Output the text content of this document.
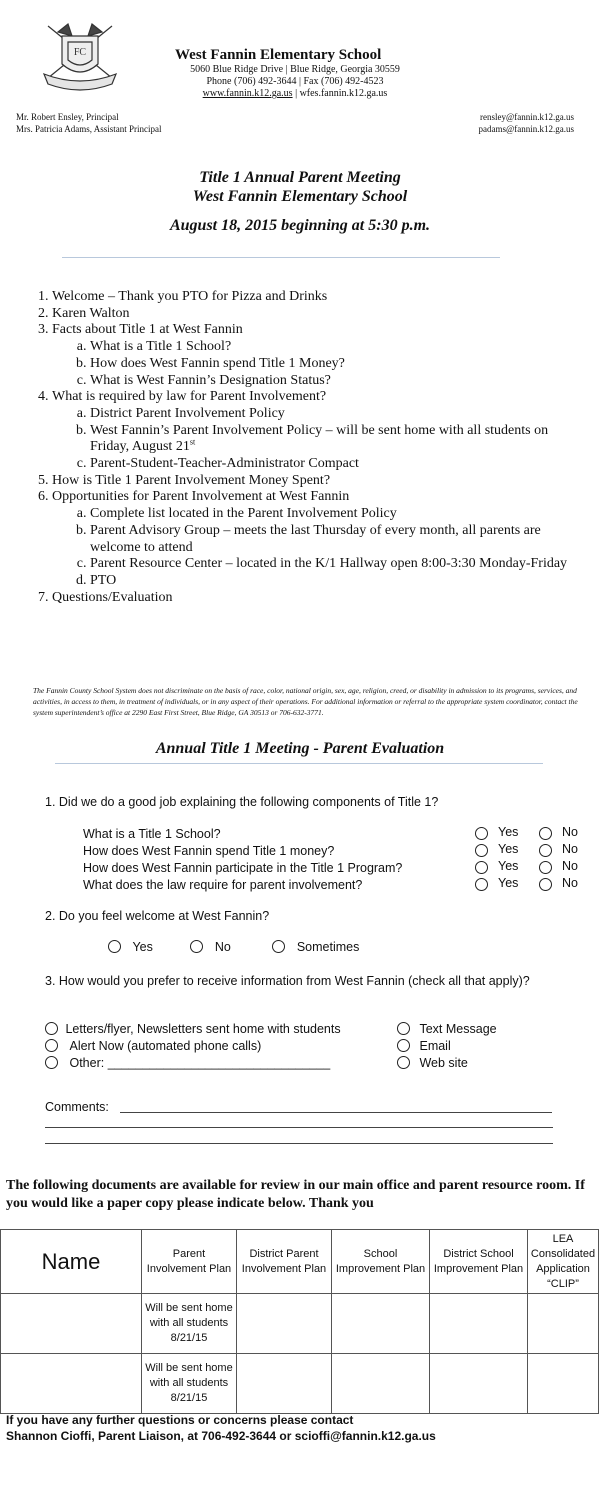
FC	West Fannin Elementary School
5060 Blue Ridge Drive | Blue Ridge, Georgia 30559
Phone (706) 492-3644 | Fax (706) 492-4523
www.fannin.k12.ga.us | wfes.fannin.k12.ga.us
Mr. Robert Ensley, Principal
Mrs. Patricia Adams, Assistant Principal
rensley@fannin.k12.ga.us
padams@fannin.k12.ga.us
Title 1 Annual Parent Meeting
West Fannin Elementary School
August 18, 2015 beginning at 5:30 p.m.
1. Welcome – Thank you PTO for Pizza and Drinks
2. Karen Walton
3. Facts about Title 1 at West Fannin
a. What is a Title 1 School?
b. How does West Fannin spend Title 1 Money?
c. What is West Fannin’s Designation Status?
4. What is required by law for Parent Involvement?
a. District Parent Involvement Policy
b. West Fannin’s Parent Involvement Policy – will be sent home with all students on Friday, August 21st
c. Parent-Student-Teacher-Administrator Compact
5. How is Title 1 Parent Involvement Money Spent?
6. Opportunities for Parent Involvement at West Fannin
a. Complete list located in the Parent Involvement Policy
b. Parent Advisory Group – meets the last Thursday of every month, all parents are welcome to attend
c. Parent Resource Center – located in the K/1 Hallway open 8:00-3:30 Monday-Friday
d. PTO
7. Questions/Evaluation
The Fannin County School System does not discriminate on the basis of race, color, national origin, sex, age, religion, creed, or disability in admission to its programs, services, and activities, in access to them, in treatment of individuals, or in any aspect of their operations. For additional information or referral to the appropriate system coordinator, contact the system superintendent’s office at 2290 East First Street, Blue Ridge, GA 30513 or 706-632-3771.
Annual Title 1 Meeting - Parent Evaluation
1. Did we do a good job explaining the following components of Title 1?
What is a Title 1 School?	Yes	No
How does West Fannin spend Title 1 money?	Yes	No
How does West Fannin participate in the Title 1 Program?	Yes	No
What does the law require for parent involvement?	Yes	No
2. Do you feel welcome at West Fannin?
Yes	No	Sometimes
3. How would you prefer to receive information from West Fannin (check all that apply)?
Letters/flyer, Newsletters sent home with students
Alert Now (automated phone calls)
Other: ________________________________
Text Message
Email
Web site
Comments:
The following documents are available for review in our main office and parent resource room. If you would like a paper copy please indicate below. Thank you
Name	Parent Involvement Plan	District Parent Involvement Plan	School Improvement Plan	District School Improvement Plan	LEA Consolidated Application “CLIP”
	Will be sent home with all students 8/21/15				
	Will be sent home with all students 8/21/15				
If you have any further questions or concerns please contact
Shannon Cioffi, Parent Liaison, at 706-492-3644 or scioffi@fannin.k12.ga.us
